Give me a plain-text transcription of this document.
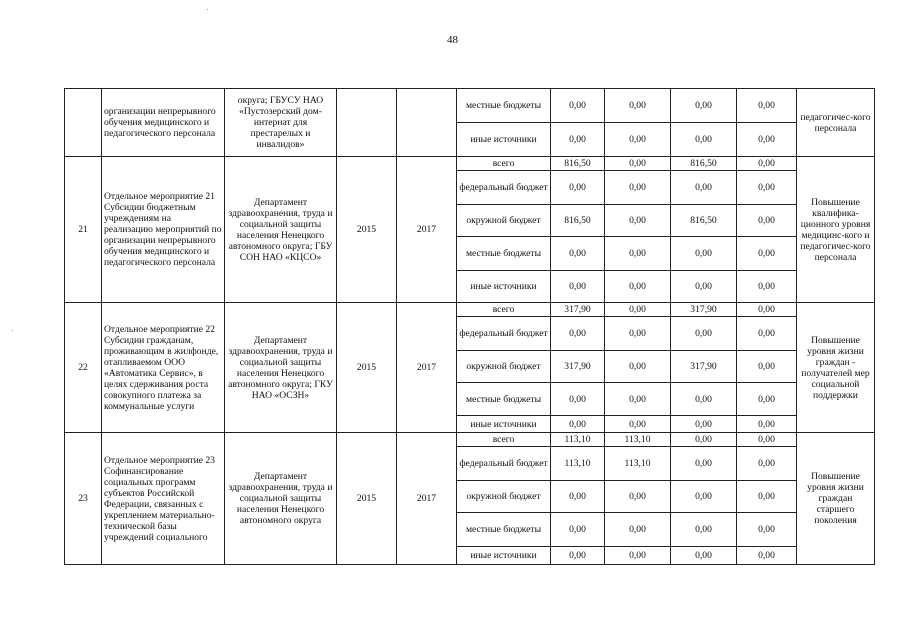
48
	организации непрерывного обучения медицинского и педагогического персонала	округа; ГБУСУ НАО «Пустозерский дом-интернат для престарелых и инвалидов»			местные бюджеты	0,00	0,00	0,00	0,00	педагогичес-кого персонала
					иные источники	0,00	0,00	0,00	0,00	
21	Отдельное мероприятие 21 Субсидии бюджетным учреждениям на реализацию мероприятий по организации непрерывного обучения медицинского и педагогического персонала	Департамент здравоохранения, труда и социальной защиты населения Ненецкого автономного округа; ГБУ СОН НАО «КЦСО»	2015	2017	всего	816,50	0,00	816,50	0,00	Повышение квалифика-ционного уровня медицинс-кого и педагогичес-кого персонала
					федеральный бюджет	0,00	0,00	0,00	0,00	
					окружной бюджет	816,50	0,00	816,50	0,00	
					местные бюджеты	0,00	0,00	0,00	0,00	
					иные источники	0,00	0,00	0,00	0,00	
22	Отдельное мероприятие 22 Субсидии гражданам, проживающим в жилфонде, отапливаемом ООО «Автоматика Сервис», в целях сдерживания роста совокупного платежа за коммунальные услуги	Департамент здравоохранения, труда и социальной защиты населения Ненецкого автономного округа; ГКУ НАО «ОСЗН»	2015	2017	всего	317,90	0,00	317,90	0,00	Повышение уровня жизни граждан - получателей мер социальной поддержки
					федеральный бюджет	0,00	0,00	0,00	0,00	
					окружной бюджет	317,90	0,00	317,90	0,00	
					местные бюджеты	0,00	0,00	0,00	0,00	
					иные источники	0,00	0,00	0,00	0,00	
23	Отдельное мероприятие 23 Софинансирование социальных программ субъектов Российской Федерации, связанных с укреплением материально-технической базы учреждений социального	Департамент здравоохранения, труда и социальной защиты населения Ненецкого автономного округа	2015	2017	всего	113,10	113,10	0,00	0,00	Повышение уровня жизни граждан старшего поколения
					федеральный бюджет	113,10	113,10	0,00	0,00	
					окружной бюджет	0,00	0,00	0,00	0,00	
					местные бюджеты	0,00	0,00	0,00	0,00	
					иные источники	0,00	0,00	0,00	0,00	
